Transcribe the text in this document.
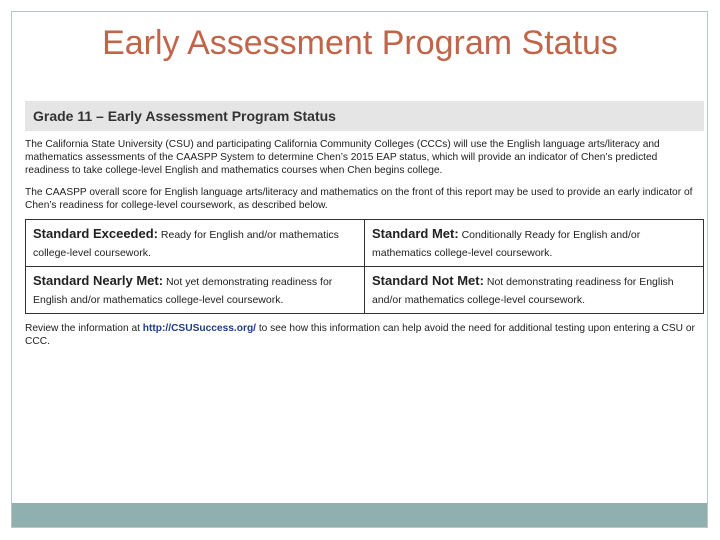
Early Assessment Program Status
Grade 11 – Early Assessment Program Status

The California State University (CSU) and participating California Community Colleges (CCCs) will use the English language arts/literacy and mathematics assessments of the CAASPP System to determine Chen’s 2015 EAP status, which will provide an indicator of Chen’s predicted readiness to take college-level English and mathematics courses when Chen begins college.

The CAASPP overall score for English language arts/literacy and mathematics on the front of this report may be used to provide an early indicator of Chen’s readiness for college-level coursework, as described below.

Standard Exceeded: Ready for English and/or mathematics college-level coursework.	Standard Met: Conditionally Ready for English and/or mathematics college-level coursework.
Standard Nearly Met: Not yet demonstrating readiness for English and/or mathematics college-level coursework.	Standard Not Met: Not demonstrating readiness for English and/or mathematics college-level coursework.

Review the information at http://CSUSuccess.org/ to see how this information can help avoid the need for additional testing upon entering a CSU or CCC.
